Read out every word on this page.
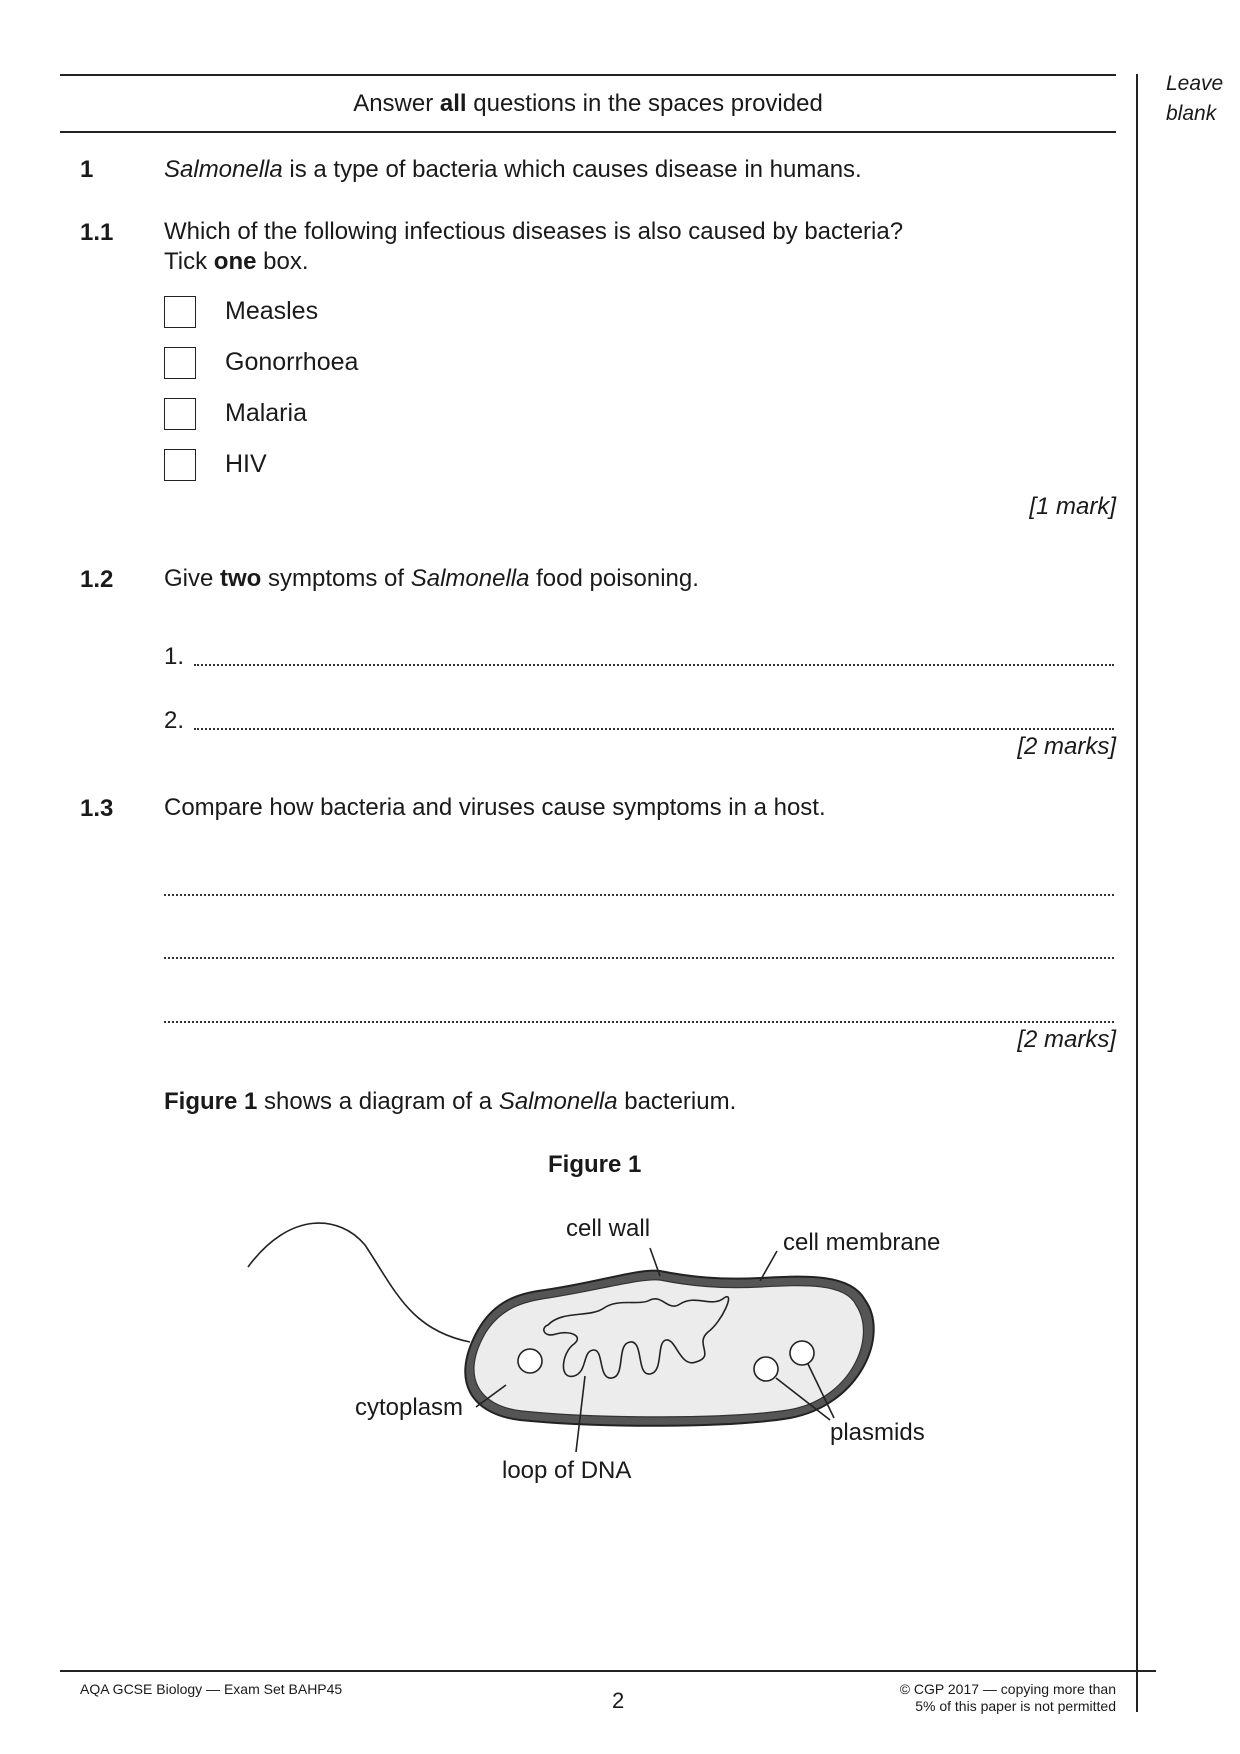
Leave
blank
Answer all questions in the spaces provided
1	Salmonella is a type of bacteria which causes disease in humans.
1.1 Which of the following infectious diseases is also caused by bacteria?
Tick one box.
Measles
Gonorrhoea
Malaria
HIV
[1 mark]
1.2 Give two symptoms of Salmonella food poisoning.
1.
2.
[2 marks]
1.3 Compare how bacteria and viruses cause symptoms in a host.
[2 marks]
Figure 1 shows a diagram of a Salmonella bacterium.
Figure 1
cell wall
cell membrane
cytoplasm
plasmids
loop of DNA
AQA GCSE Biology — Exam Set BAHP45	2	© CGP 2017 — copying more than
5% of this paper is not permitted
